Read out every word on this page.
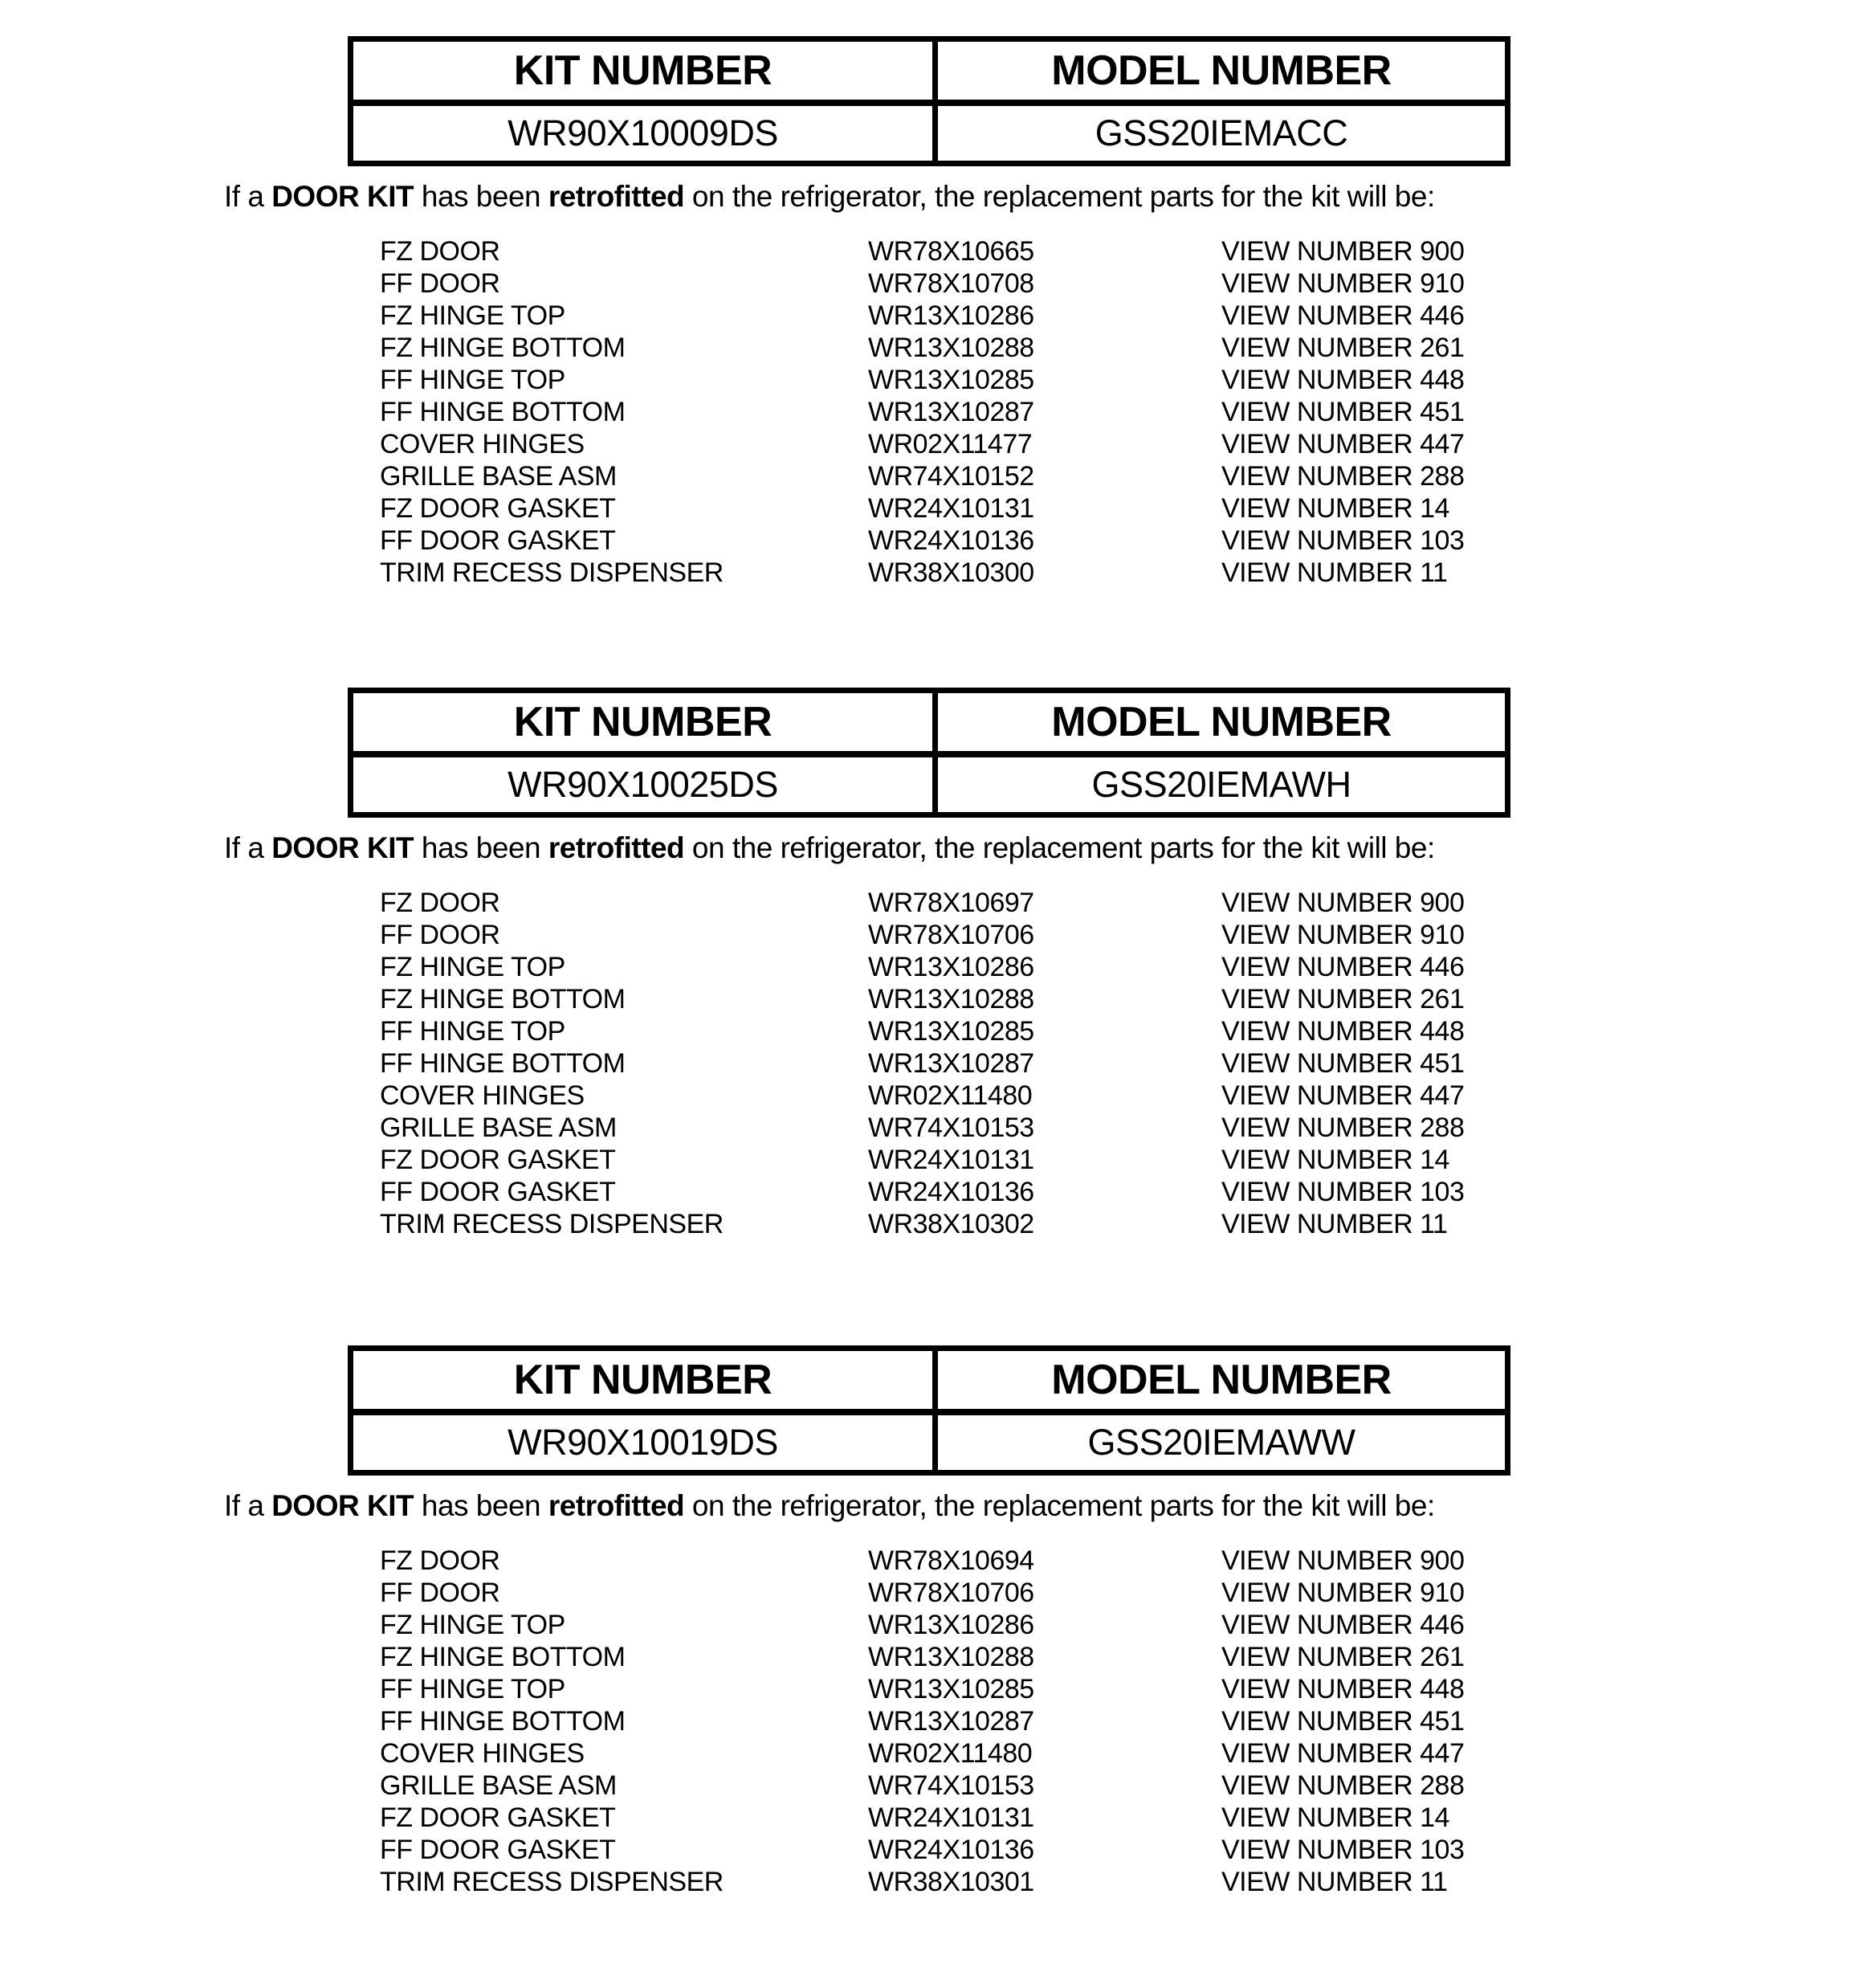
KIT NUMBER	MODEL NUMBER
WR90X10009DS	GSS20IEMACC

If a DOOR KIT has been retrofitted on the refrigerator, the replacement parts for the kit will be:

FZ DOOR	WR78X10665	VIEW NUMBER 900
FF DOOR	WR78X10708	VIEW NUMBER 910
FZ HINGE TOP	WR13X10286	VIEW NUMBER 446
FZ HINGE BOTTOM	WR13X10288	VIEW NUMBER 261
FF HINGE TOP	WR13X10285	VIEW NUMBER 448
FF HINGE BOTTOM	WR13X10287	VIEW NUMBER 451
COVER HINGES	WR02X11477	VIEW NUMBER 447
GRILLE BASE ASM	WR74X10152	VIEW NUMBER 288
FZ DOOR GASKET	WR24X10131	VIEW NUMBER 14
FF DOOR GASKET	WR24X10136	VIEW NUMBER 103
TRIM RECESS DISPENSER	WR38X10300	VIEW NUMBER 11
KIT NUMBER	MODEL NUMBER
WR90X10025DS	GSS20IEMAWH

If a DOOR KIT has been retrofitted on the refrigerator, the replacement parts for the kit will be:

FZ DOOR	WR78X10697	VIEW NUMBER 900
FF DOOR	WR78X10706	VIEW NUMBER 910
FZ HINGE TOP	WR13X10286	VIEW NUMBER 446
FZ HINGE BOTTOM	WR13X10288	VIEW NUMBER 261
FF HINGE TOP	WR13X10285	VIEW NUMBER 448
FF HINGE BOTTOM	WR13X10287	VIEW NUMBER 451
COVER HINGES	WR02X11480	VIEW NUMBER 447
GRILLE BASE ASM	WR74X10153	VIEW NUMBER 288
FZ DOOR GASKET	WR24X10131	VIEW NUMBER 14
FF DOOR GASKET	WR24X10136	VIEW NUMBER 103
TRIM RECESS DISPENSER	WR38X10302	VIEW NUMBER 11
KIT NUMBER	MODEL NUMBER
WR90X10019DS	GSS20IEMAWW

If a DOOR KIT has been retrofitted on the refrigerator, the replacement parts for the kit will be:

FZ DOOR	WR78X10694	VIEW NUMBER 900
FF DOOR	WR78X10706	VIEW NUMBER 910
FZ HINGE TOP	WR13X10286	VIEW NUMBER 446
FZ HINGE BOTTOM	WR13X10288	VIEW NUMBER 261
FF HINGE TOP	WR13X10285	VIEW NUMBER 448
FF HINGE BOTTOM	WR13X10287	VIEW NUMBER 451
COVER HINGES	WR02X11480	VIEW NUMBER 447
GRILLE BASE ASM	WR74X10153	VIEW NUMBER 288
FZ DOOR GASKET	WR24X10131	VIEW NUMBER 14
FF DOOR GASKET	WR24X10136	VIEW NUMBER 103
TRIM RECESS DISPENSER	WR38X10301	VIEW NUMBER 11
